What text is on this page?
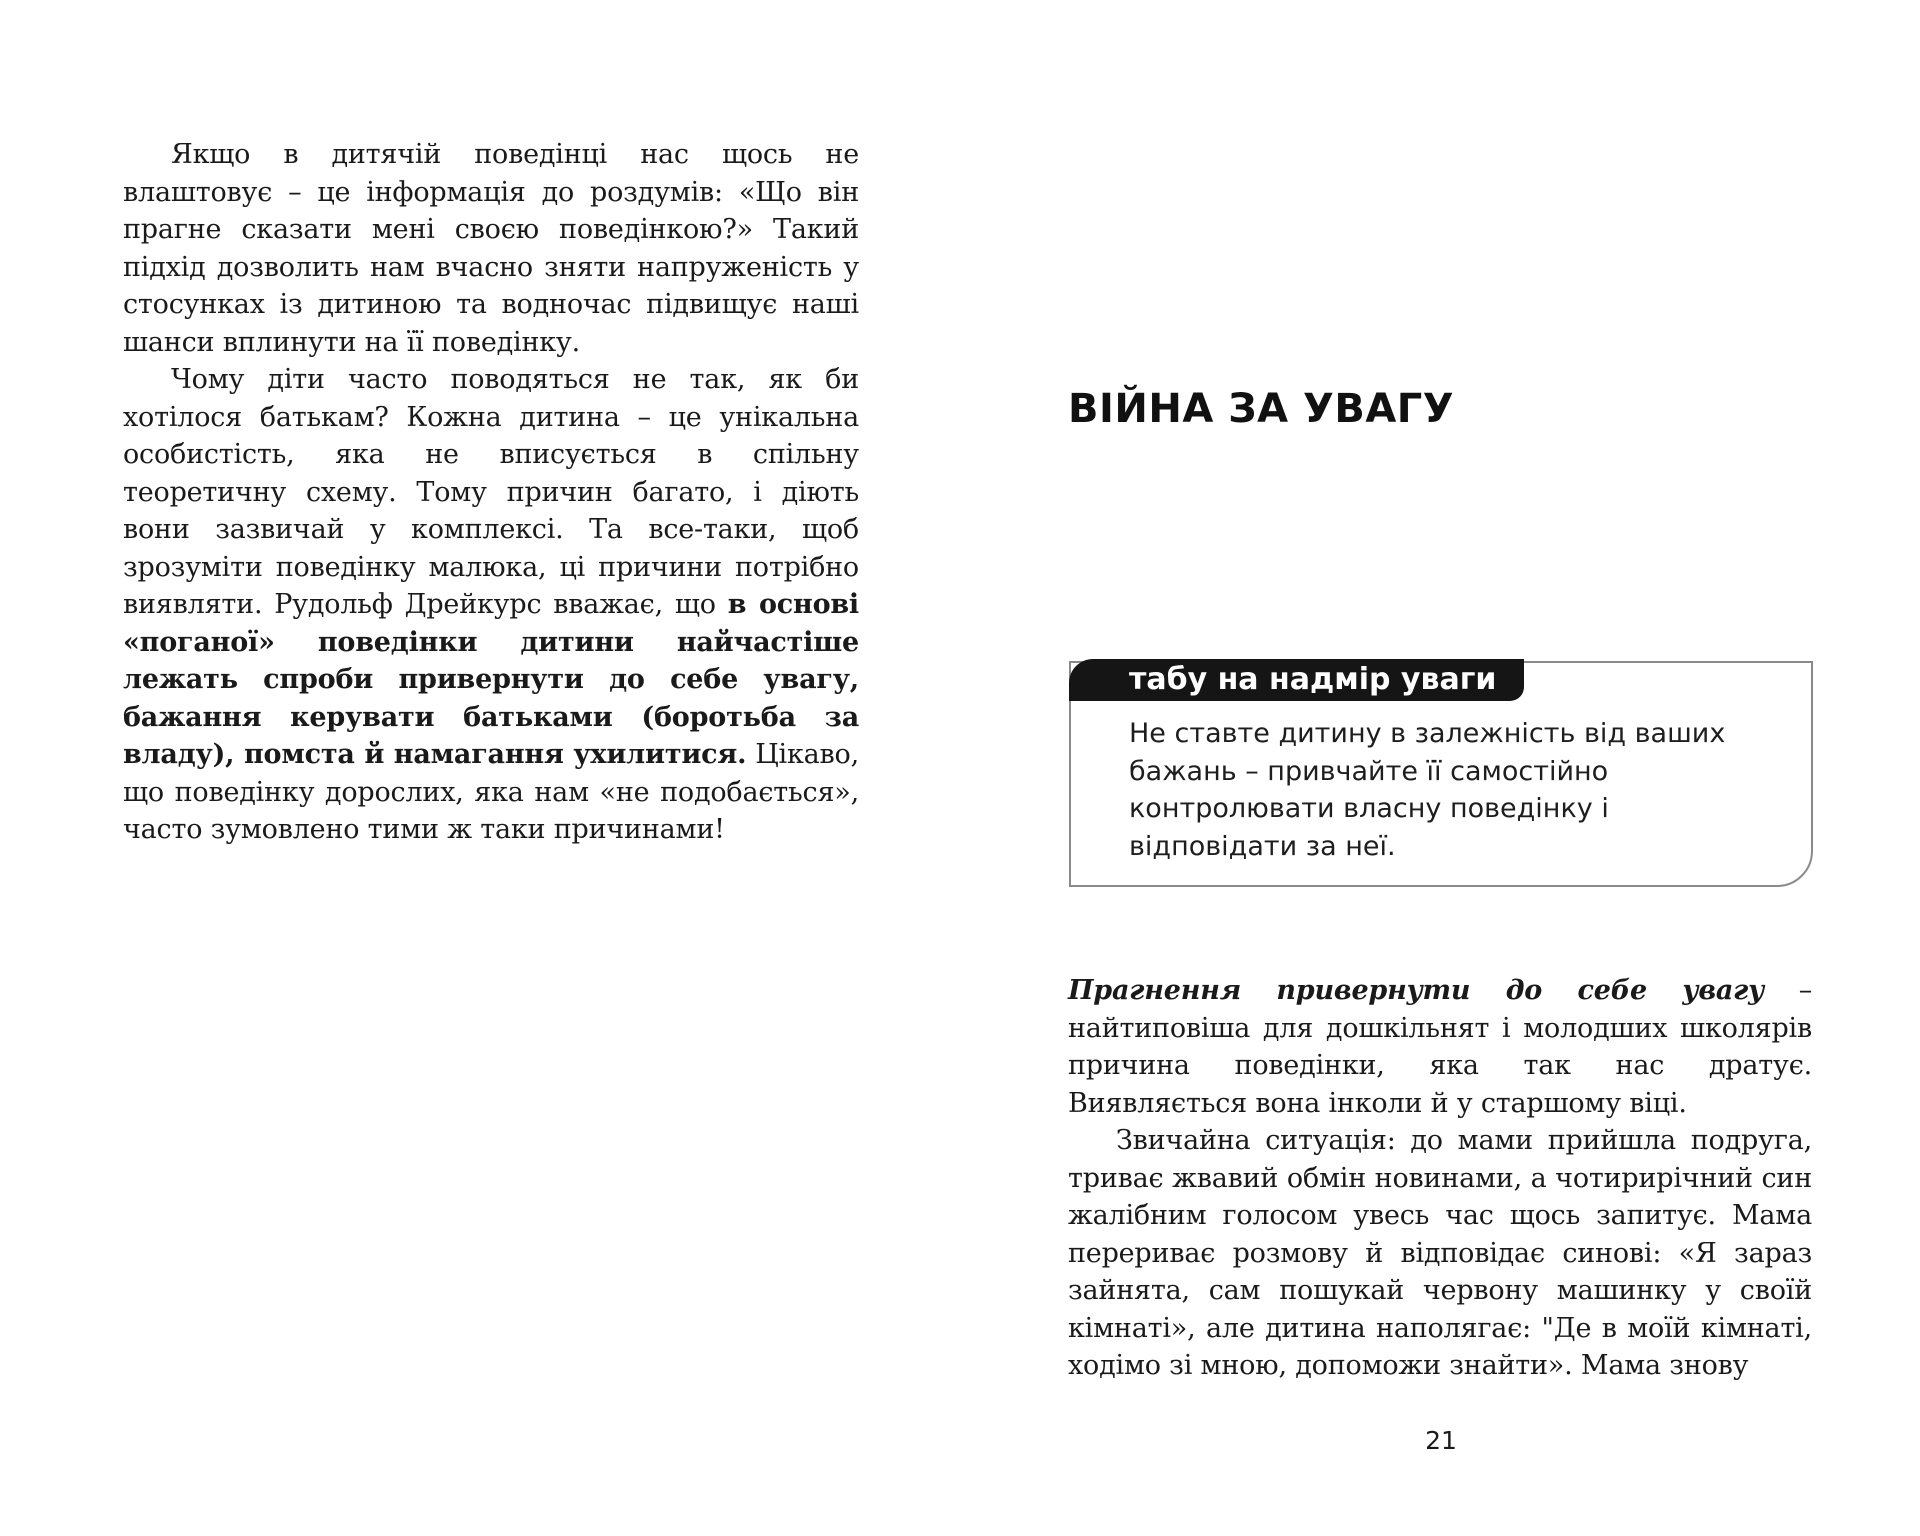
Якщо в дитячій поведінці нас щось не влаштовує – це інформація до роздумів: «Що він прагне сказати мені своєю поведінкою?» Такий підхід дозволить нам вчасно зняти напруженість у стосунках із дитиною та водночас підвищує наші шанси вплинути на її поведінку.

Чому діти часто поводяться не так, як би хотілося батькам? Кожна дитина – це унікальна особистість, яка не вписується в спільну теоретичну схему. Тому причин багато, і діють вони зазвичай у комплексі. Та все-таки, щоб зрозуміти поведінку малюка, ці причини потрібно виявляти. Рудольф Дрейкурс вважає, що в основі «поганої» поведінки дитини найчастіше лежать спроби привернути до себе увагу, бажання керувати батьками (боротьба за владу), помста й намагання ухилитися. Цікаво, що поведінку дорослих, яка нам «не подобається», часто зумовлено тими ж таки причинами!

ВІЙНА ЗА УВАГУ
табу на надмір уваги

Не ставте дитину в залежність від ваших бажань – привчайте її самостійно контролювати власну поведінку і відповідати за неї.

Прагнення привернути до себе увагу – найтиповіша для дошкільнят і молодших школярів причина поведінки, яка так нас дратує. Виявляється вона інколи й у старшому віці.

Звичайна ситуація: до мами прийшла подруга, триває жвавий обмін новинами, а чотирирічний син жалібним голосом увесь час щось запитує. Мама перериває розмову й відповідає синові: «Я зараз зайнята, сам пошукай червону машинку у своїй кімнаті», але дитина наполягає: "Де в моїй кімнаті, ходімо зі мною, допоможи знайти». Мама знову

21
